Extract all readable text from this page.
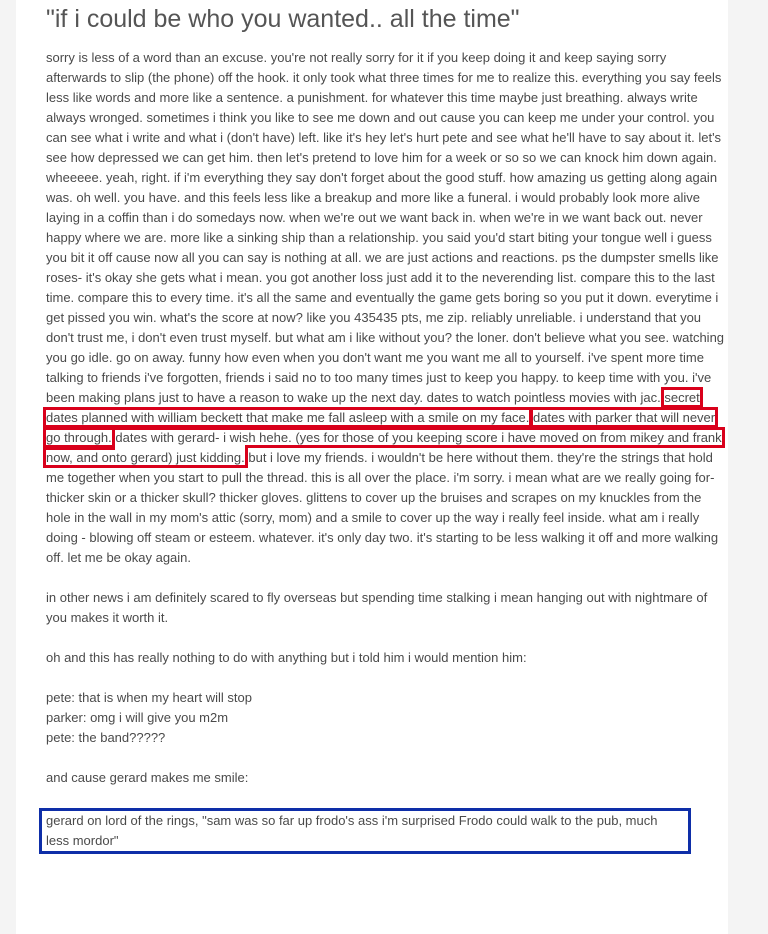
"if i could be who you wanted.. all the time"

sorry is less of a word than an excuse. you're not really sorry for it if you keep doing it and keep saying sorry afterwards to slip (the phone) off the hook. it only took what three times for me to realize this. everything you say feels less like words and more like a sentence. a punishment. for whatever this time maybe just breathing. always write always wronged. sometimes i think you like to see me down and out cause you can keep me under your control. you can see what i write and what i (don't have) left. like it's hey let's hurt pete and see what he'll have to say about it. let's see how depressed we can get him. then let's pretend to love him for a week or so so we can knock him down again. wheeeee. yeah, right. if i'm everything they say don't forget about the good stuff. how amazing us getting along again was. oh well. you have. and this feels less like a breakup and more like a funeral. i would probably look more alive laying in a coffin than i do somedays now. when we're out we want back in. when we're in we want back out. never happy where we are. more like a sinking ship than a relationship. you said you'd start biting your tongue well i guess you bit it off cause now all you can say is nothing at all. we are just actions and reactions. ps the dumpster smells like roses- it's okay she gets what i mean. you got another loss just add it to the neverending list. compare this to the last time. compare this to every time. it's all the same and eventually the game gets boring so you put it down. everytime i get pissed you win. what's the score at now? like you 435435 pts, me zip. reliably unreliable. i understand that you don't trust me, i don't even trust myself. but what am i like without you? the loner. don't believe what you see. watching you go idle. go on away. funny how even when you don't want me you want me all to yourself. i've spent more time talking to friends i've forgotten, friends i said no to too many times just to keep you happy. to keep time with you. i've been making plans just to have a reason to wake up the next day. dates to watch pointless movies with jac. secret dates planned with william beckett that make me fall asleep with a smile on my face. dates with parker that will never go through. dates with gerard- i wish hehe. (yes for those of you keeping score i have moved on from mikey and frank now, and onto gerard) just kidding. but i love my friends. i wouldn't be here without them. they're the strings that hold me together when you start to pull the thread. this is all over the place. i'm sorry. i mean what are we really going for- thicker skin or a thicker skull? thicker gloves. glittens to cover up the bruises and scrapes on my knuckles from the hole in the wall in my mom's attic (sorry, mom) and a smile to cover up the way i really feel inside. what am i really doing - blowing off steam or esteem. whatever. it's only day two. it's starting to be less walking it off and more walking off. let me be okay again.

in other news i am definitely scared to fly overseas but spending time stalking i mean hanging out with nightmare of you makes it worth it.

oh and this has really nothing to do with anything but i told him i would mention him:

pete: that is when my heart will stop

parker: omg i will give you m2m

pete: the band?????

and cause gerard makes me smile:

gerard on lord of the rings, "sam was so far up frodo's ass i'm surprised Frodo could walk to the pub, much less mordor"
